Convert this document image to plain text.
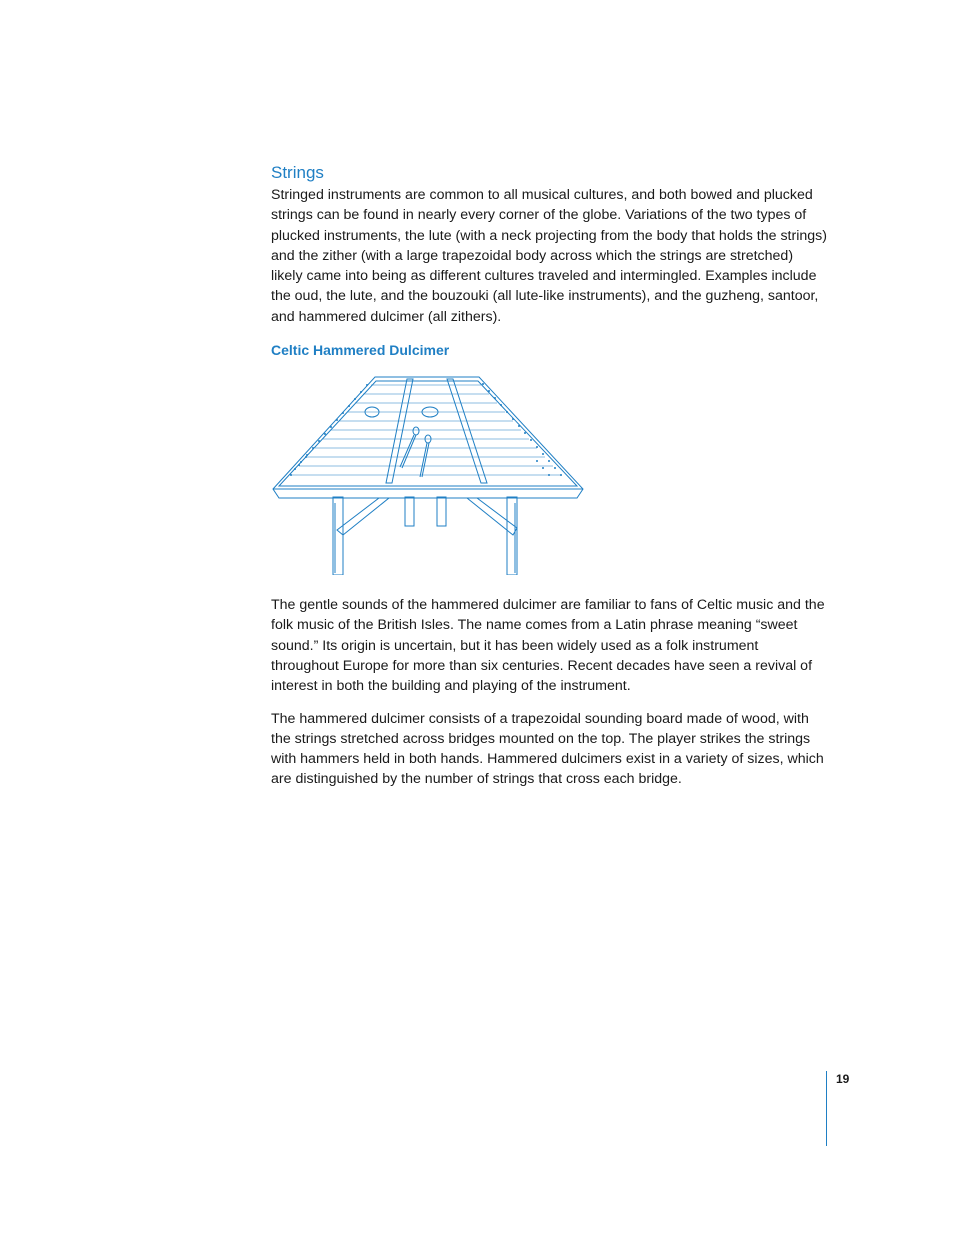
Strings

Stringed instruments are common to all musical cultures, and both bowed and plucked strings can be found in nearly every corner of the globe. Variations of the two types of plucked instruments, the lute (with a neck projecting from the body that holds the strings) and the zither (with a large trapezoidal body across which the strings are stretched) likely came into being as different cultures traveled and intermingled. Examples include the oud, the lute, and the bouzouki (all lute-like instruments), and the guzheng, santoor, and hammered dulcimer (all zithers).

Celtic Hammered Dulcimer

The gentle sounds of the hammered dulcimer are familiar to fans of Celtic music and the folk music of the British Isles. The name comes from a Latin phrase meaning “sweet sound.” Its origin is uncertain, but it has been widely used as a folk instrument throughout Europe for more than six centuries. Recent decades have seen a revival of interest in both the building and playing of the instrument.

The hammered dulcimer consists of a trapezoidal sounding board made of wood, with the strings stretched across bridges mounted on the top. The player strikes the strings with hammers held in both hands. Hammered dulcimers exist in a variety of sizes, which are distinguished by the number of strings that cross each bridge.

19
